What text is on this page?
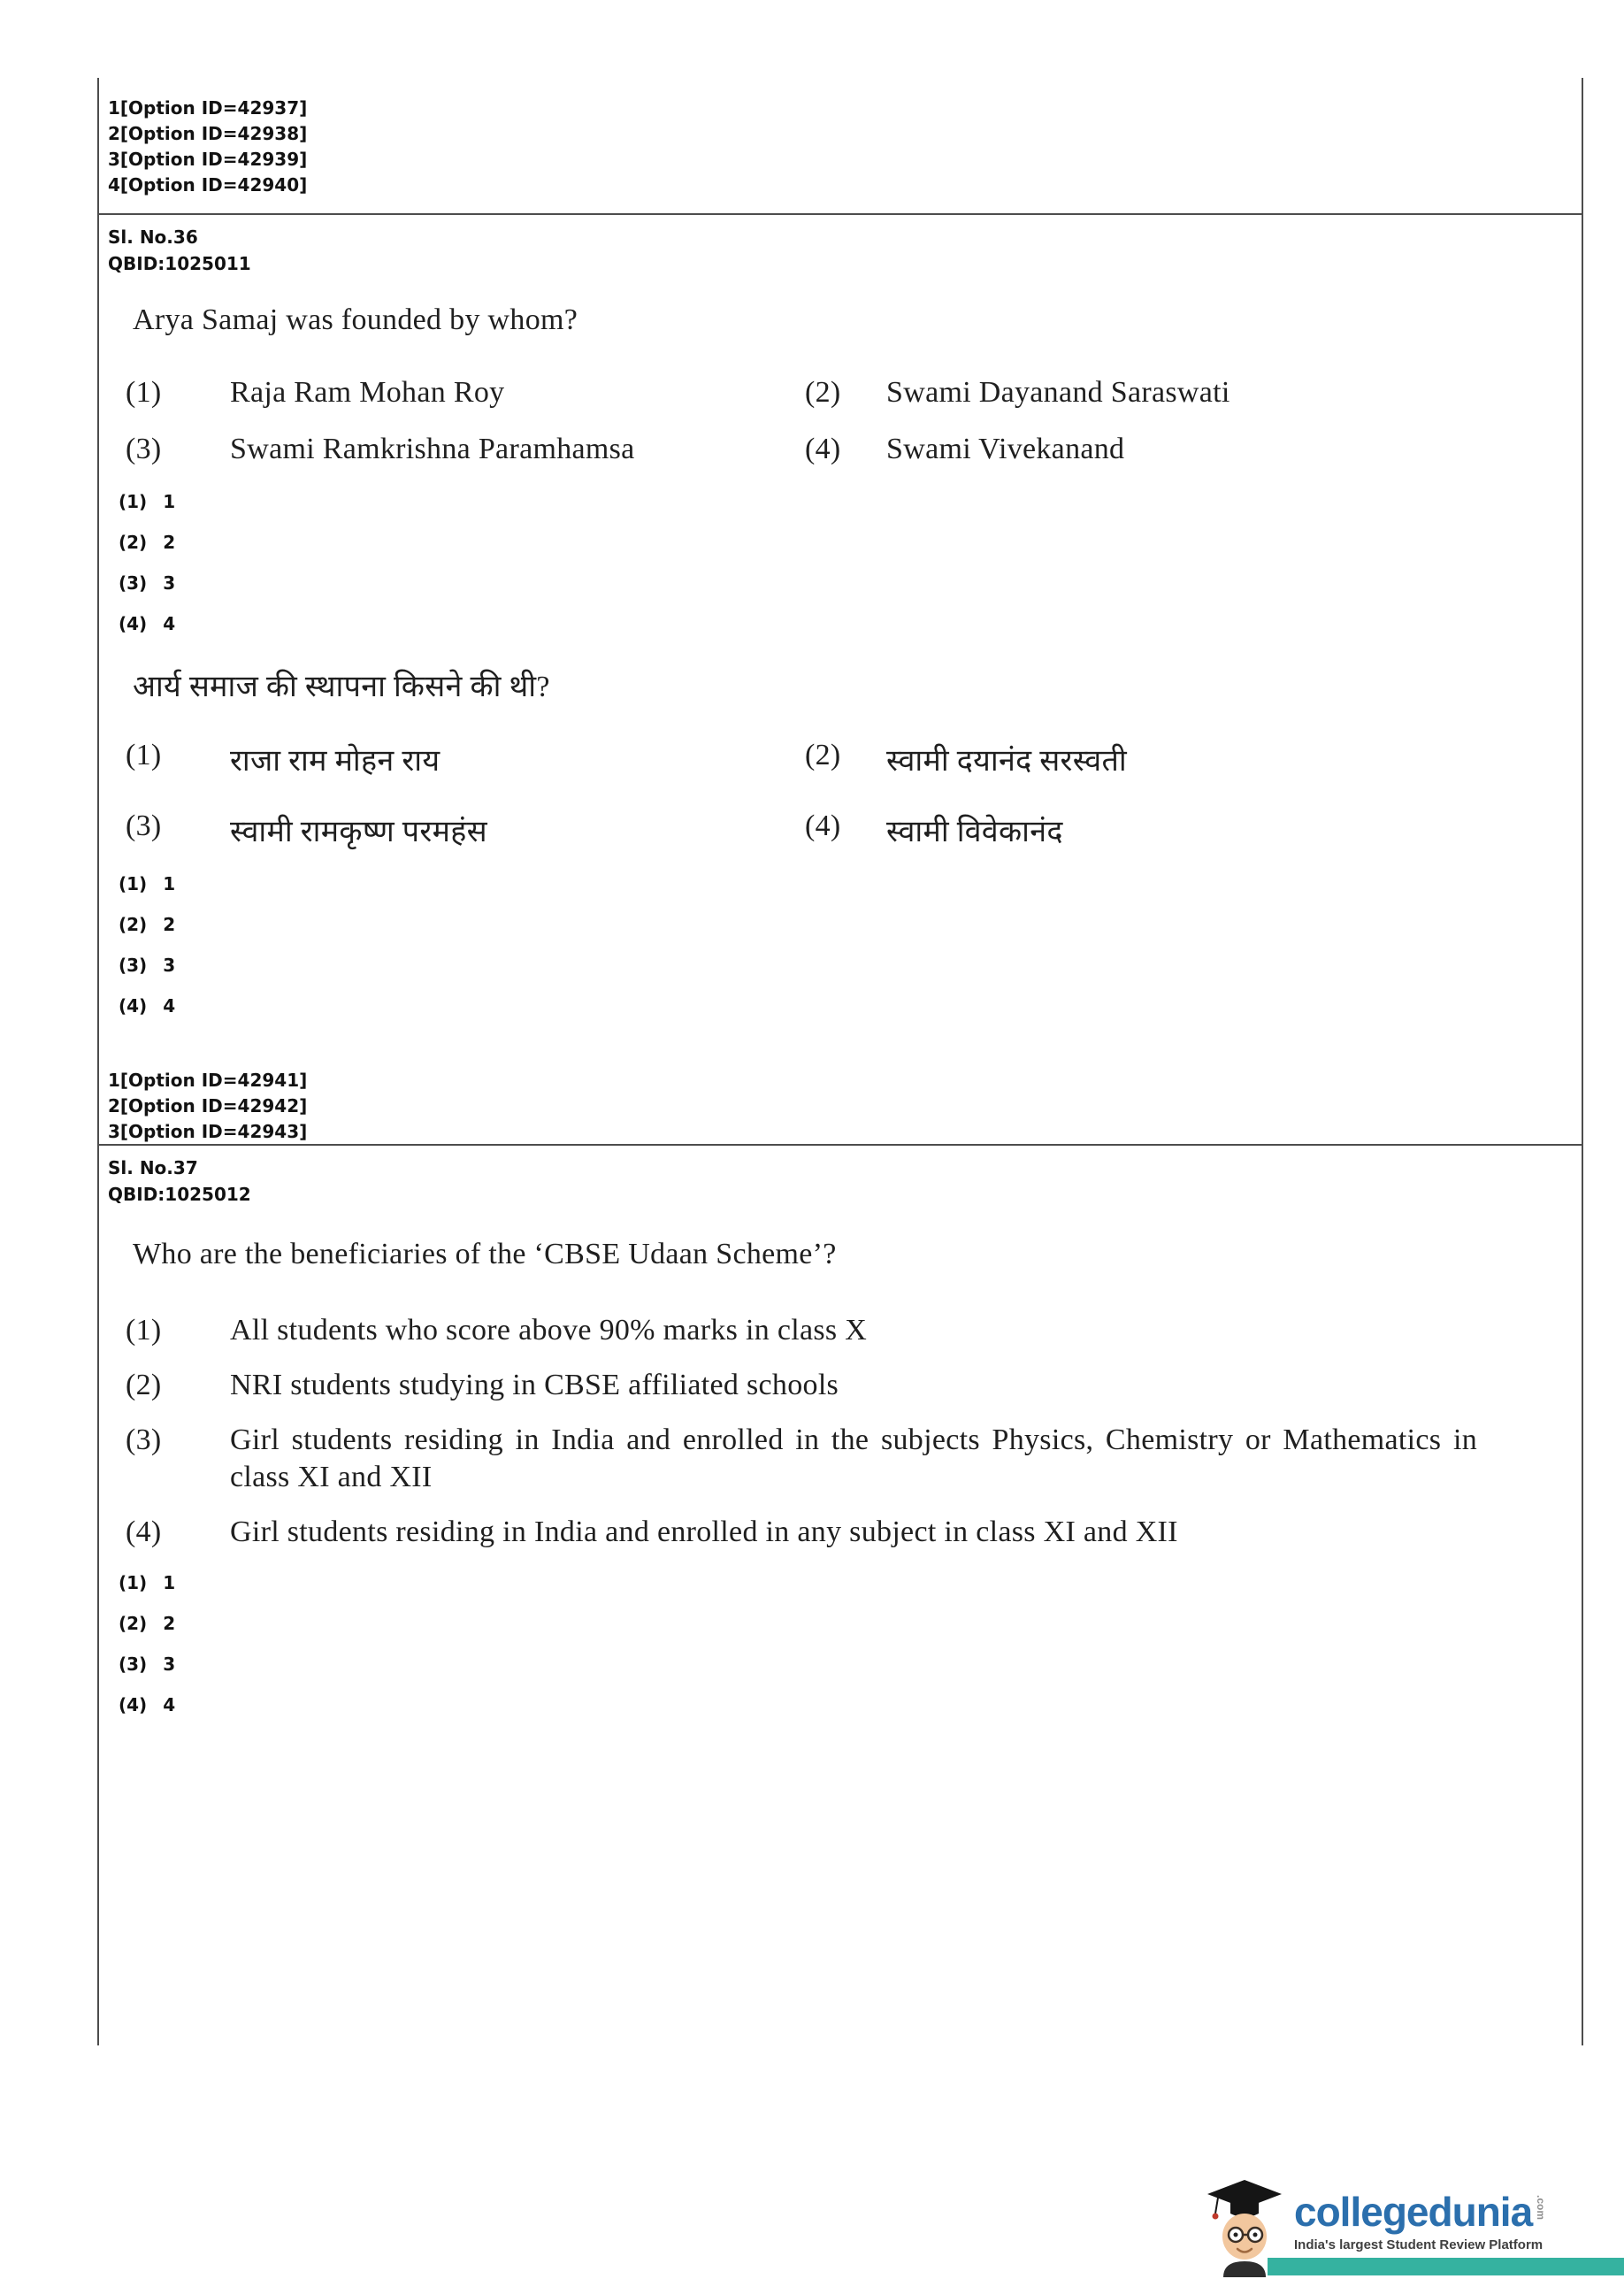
1[Option ID=42937]
2[Option ID=42938]
3[Option ID=42939]
4[Option ID=42940]
Sl. No.36
QBID:1025011
Arya Samaj was founded by whom?
(1)	Raja Ram Mohan Roy	(2)	Swami Dayanand Saraswati
(3)	Swami Ramkrishna Paramhamsa	(4)	Swami Vivekanand
(1) 1
(2) 2
(3) 3
(4) 4
आर्य समाज की स्थापना किसने की थी?
(1)	राजा राम मोहन राय	(2)	स्वामी दयानंद सरस्वती
(3)	स्वामी रामकृष्ण परमहंस	(4)	स्वामी विवेकानंद
(1) 1
(2) 2
(3) 3
(4) 4
1[Option ID=42941]
2[Option ID=42942]
3[Option ID=42943]
Sl. No.37
QBID:1025012
Who are the beneficiaries of the ‘CBSE Udaan Scheme’?
(1)	All students who score above 90% marks in class X
(2)	NRI students studying in CBSE affiliated schools
(3)	Girl students residing in India and enrolled in the subjects Physics, Chemistry or Mathematics in class XI and XII
(4)	Girl students residing in India and enrolled in any subject in class XI and XII
(1) 1
(2) 2
(3) 3
(4) 4
collegedunia .com
India's largest Student Review Platform
